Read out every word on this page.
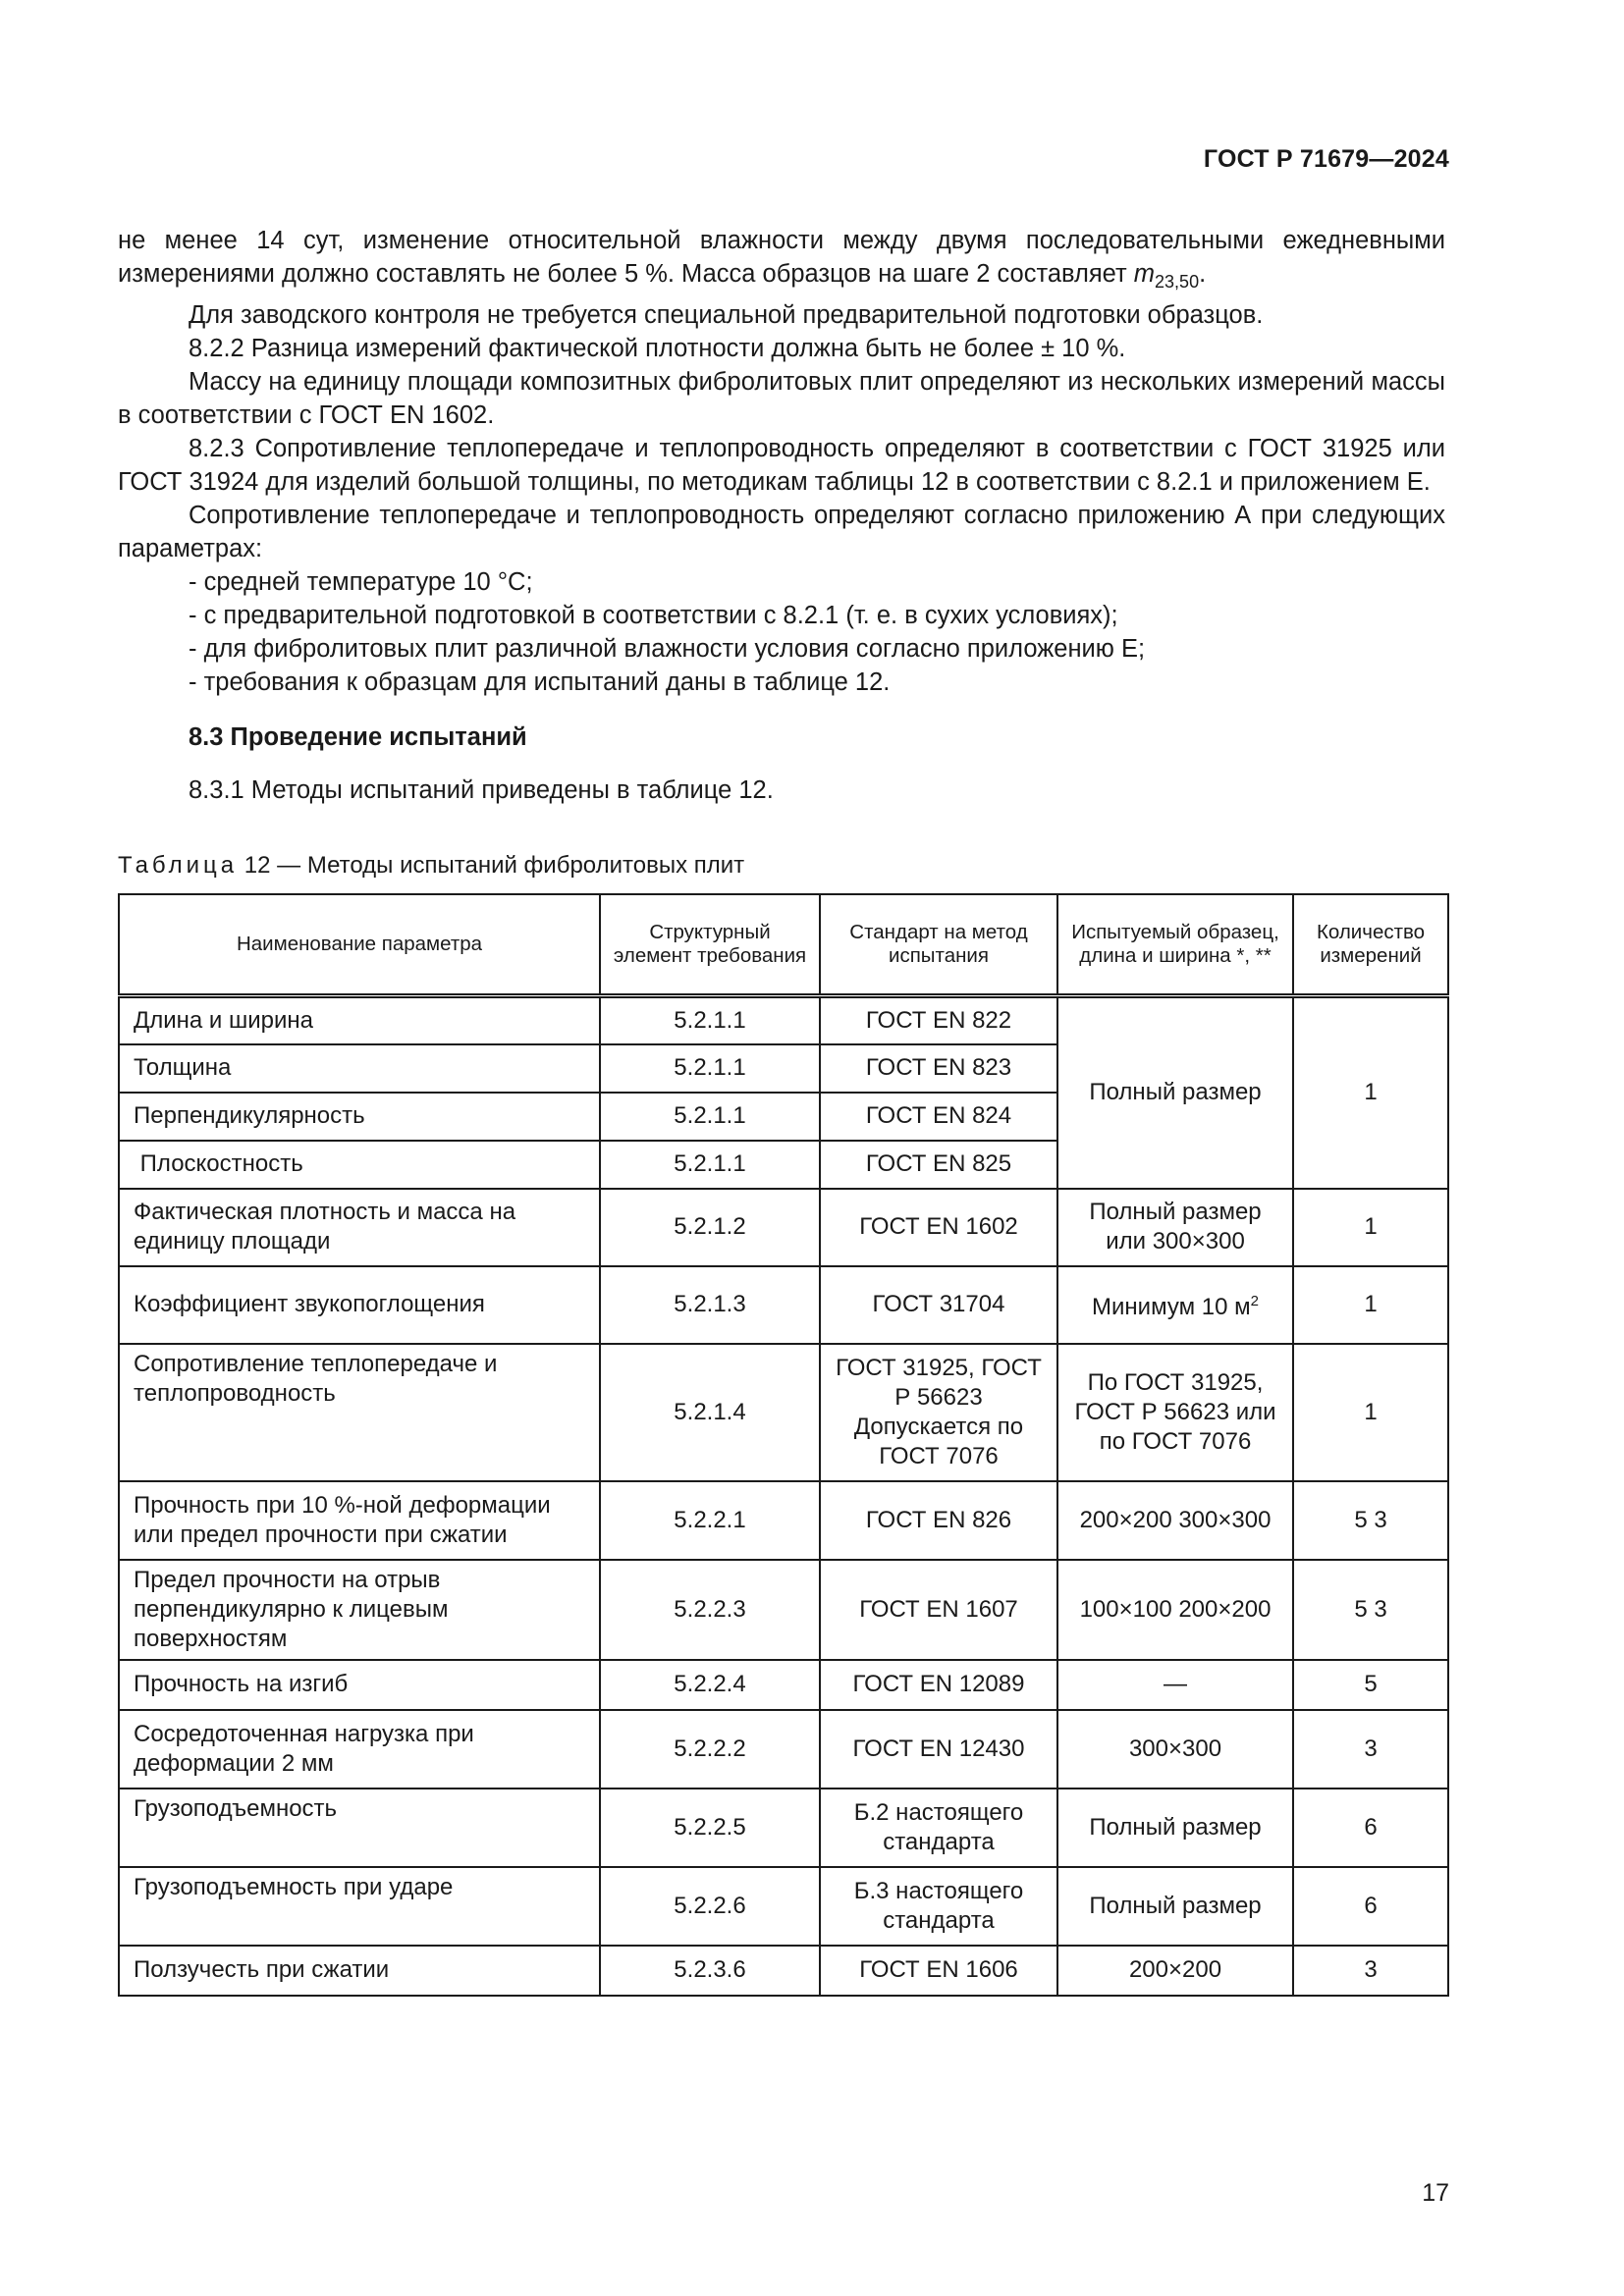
ГОСТ Р 71679—2024

не менее 14 сут, изменение относительной влажности между двумя последовательными ежедневными измерениями должно составлять не более 5 %. Масса образцов на шаге 2 составляет $m_{23,50}$.

Для заводского контроля не требуется специальной предварительной подготовки образцов.

8.2.2 Разница измерений фактической плотности должна быть не более ± 10 %.

Массу на единицу площади композитных фибролитовых плит определяют из нескольких измерений массы в соответствии с ГОСТ EN 1602.

8.2.3 Сопротивление теплопередаче и теплопроводность определяют в соответствии с ГОСТ 31925 или ГОСТ 31924 для изделий большой толщины, по методикам таблицы 12 в соответствии с 8.2.1 и приложением Е.

Сопротивление теплопередаче и теплопроводность определяют согласно приложению А при следующих параметрах:

- средней температуре 10 °С;
- с предварительной подготовкой в соответствии с 8.2.1 (т. е. в сухих условиях);
- для фибролитовых плит различной влажности условия согласно приложению Е;
- требования к образцам для испытаний даны в таблице 12.

8.3 Проведение испытаний

8.3.1 Методы испытаний приведены в таблице 12.

Таблица 12 — Методы испытаний фибролитовых плит
Наименование параметра	Структурный элемент требования	Стандарт на метод испытания	Испытуемый образец, длина и ширина *, **	Количество измерений
Длина и ширина	5.2.1.1	ГОСТ EN 822	Полный размер	1
Толщина	5.2.1.1	ГОСТ EN 823		
Перпендикулярность	5.2.1.1	ГОСТ EN 824		
Плоскостность	5.2.1.1	ГОСТ EN 825		
Фактическая плотность и масса на единицу площади	5.2.1.2	ГОСТ EN 1602	Полный размер или 300×300	1
Коэффициент звукопоглощения	5.2.1.3	ГОСТ 31704	Минимум 10 $м^2$	1
Сопротивление теплопередаче и теплопроводность	5.2.1.4	ГОСТ 31925, ГОСТ Р 56623 Допускается по ГОСТ 7076	По ГОСТ 31925, ГОСТ Р 56623 или по ГОСТ 7076	1
Прочность при 10 %-ной деформации или предел прочности при сжатии	5.2.2.1	ГОСТ EN 826	200×200 300×300	5 3
Предел прочности на отрыв перпендикулярно к лицевым поверхностям	5.2.2.3	ГОСТ EN 1607	100×100 200×200	5 3
Прочность на изгиб	5.2.2.4	ГОСТ EN 12089	—	5
Сосредоточенная нагрузка при деформации 2 мм	5.2.2.2	ГОСТ EN 12430	300×300	3
Грузоподъемность	5.2.2.5	Б.2 настоящего стандарта	Полный размер	6
Грузоподъемность при ударе	5.2.2.6	Б.3 настоящего стандарта	Полный размер	6
Ползучесть при сжатии	5.2.3.6	ГОСТ EN 1606	200×200	3
17
